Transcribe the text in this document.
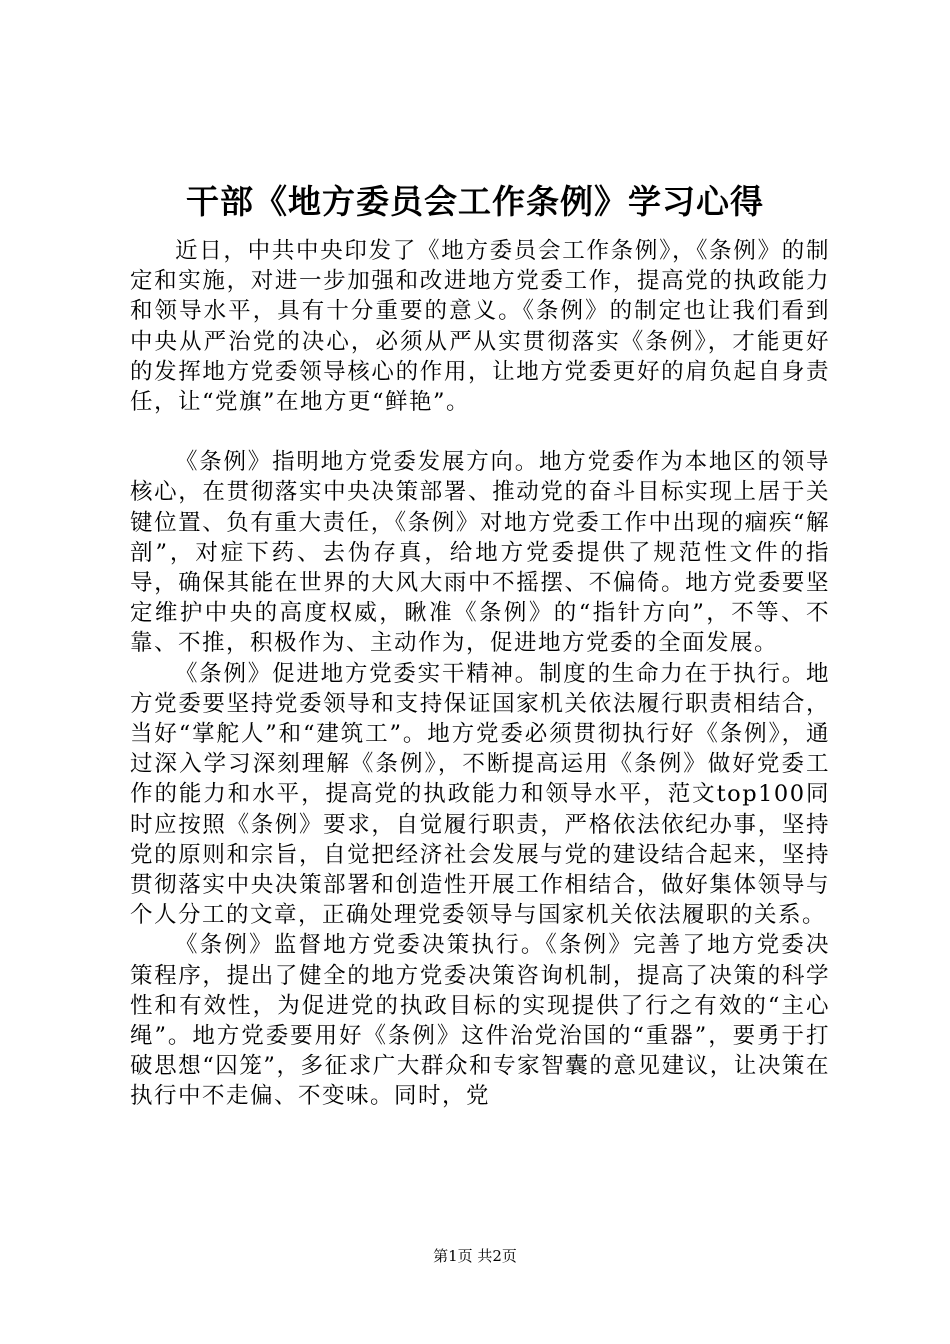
干部《地方委员会工作条例》学习心得

近日，中共中央印发了《地方委员会工作条例》，《条例》的制定和实施，对进一步加强和改进地方党委工作，提高党的执政能力和领导水平，具有十分重要的意义。《条例》的制定也让我们看到中央从严治党的决心，必须从严从实贯彻落实《条例》，才能更好的发挥地方党委领导核心的作用，让地方党委更好的肩负起自身责任，让“党旗”在地方更“鲜艳”。

《条例》指明地方党委发展方向。地方党委作为本地区的领导核心，在贯彻落实中央决策部署、推动党的奋斗目标实现上居于关键位置、负有重大责任，《条例》对地方党委工作中出现的痼疾“解剖”，对症下药、去伪存真，给地方党委提供了规范性文件的指导，确保其能在世界的大风大雨中不摇摆、不偏倚。地方党委要坚定维护中央的高度权威，瞅准《条例》的“指针方向”，不等、不靠、不推，积极作为、主动作为，促进地方党委的全面发展。

《条例》促进地方党委实干精神。制度的生命力在于执行。地方党委要坚持党委领导和支持保证国家机关依法履行职责相结合，当好“掌舵人”和“建筑工”。地方党委必须贯彻执行好《条例》，通过深入学习深刻理解《条例》，不断提高运用《条例》做好党委工作的能力和水平，提高党的执政能力和领导水平，范文top100同时应按照《条例》要求，自觉履行职责，严格依法依纪办事，坚持党的原则和宗旨，自觉把经济社会发展与党的建设结合起来，坚持贯彻落实中央决策部署和创造性开展工作相结合，做好集体领导与个人分工的文章，正确处理党委领导与国家机关依法履职的关系。

《条例》监督地方党委决策执行。《条例》完善了地方党委决策程序，提出了健全的地方党委决策咨询机制，提高了决策的科学性和有效性，为促进党的执政目标的实现提供了行之有效的“主心绳”。地方党委要用好《条例》这件治党治国的“重器”，要勇于打破思想“囚笼”，多征求广大群众和专家智囊的意见建议，让决策在执行中不走偏、不变味。同时，党

第1页 共2页
